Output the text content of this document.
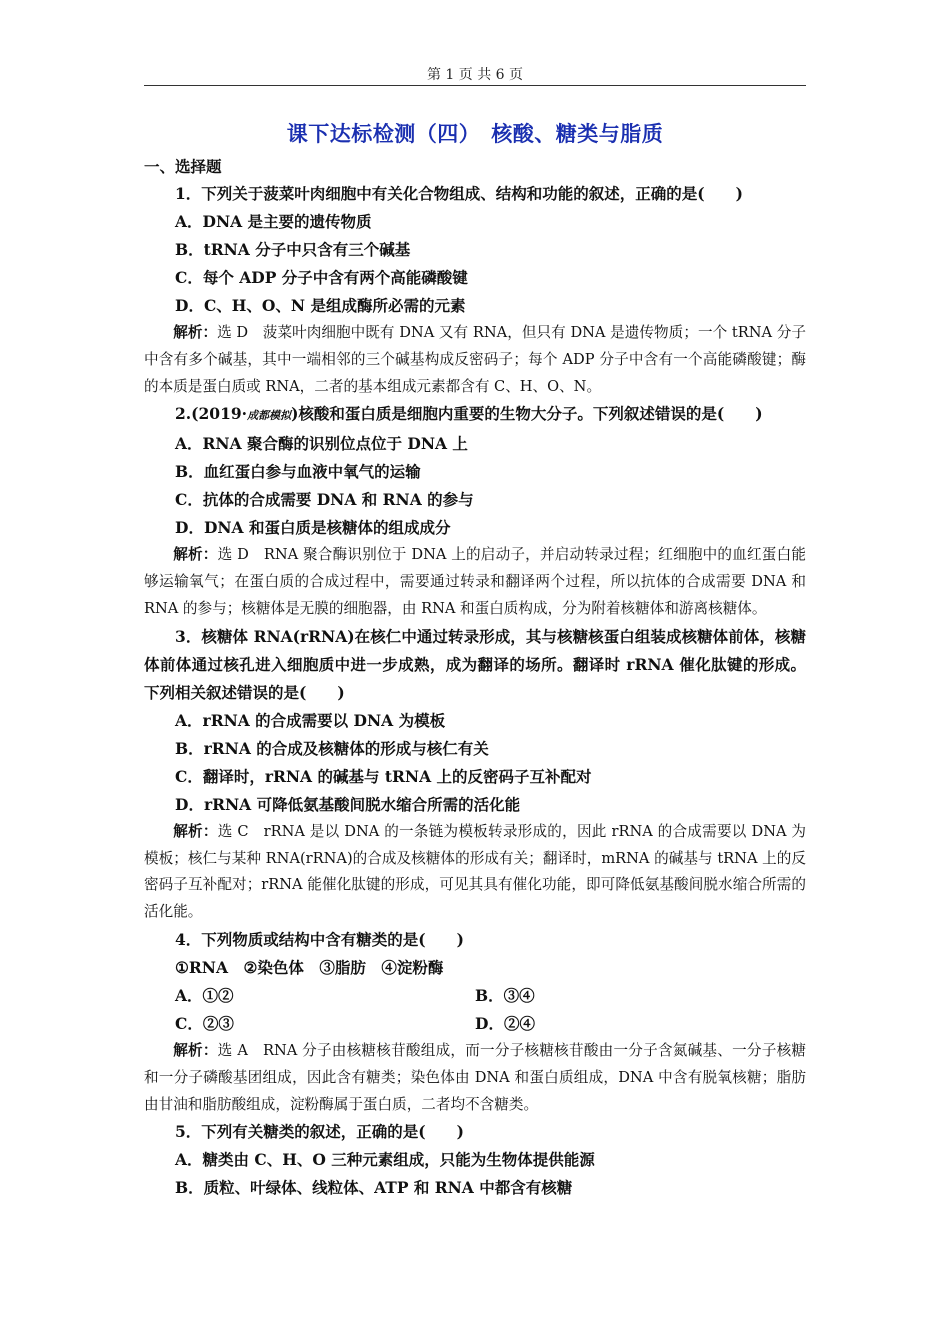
第 1 页 共 6 页
课下达标检测（四）　核酸、糖类与脂质
一、选择题

1．下列关于菠菜叶肉细胞中有关化合物组成、结构和功能的叙述，正确的是(　　)

A．DNA 是主要的遗传物质

B．tRNA 分子中只含有三个碱基

C．每个 ADP 分子中含有两个高能磷酸键

D．C、H、O、N 是组成酶所必需的元素

解析：选 D　菠菜叶肉细胞中既有 DNA 又有 RNA，但只有 DNA 是遗传物质；一个 tRNA 分子中含有多个碱基，其中一端相邻的三个碱基构成反密码子；每个 ADP 分子中含有一个高能磷酸键；酶的本质是蛋白质或 RNA，二者的基本组成元素都含有 C、H、O、N。

2.(2019·成都模拟)核酸和蛋白质是细胞内重要的生物大分子。下列叙述错误的是(　　)

A．RNA 聚合酶的识别位点位于 DNA 上

B．血红蛋白参与血液中氧气的运输

C．抗体的合成需要 DNA 和 RNA 的参与

D．DNA 和蛋白质是核糖体的组成成分

解析：选 D　RNA 聚合酶识别位于 DNA 上的启动子，并启动转录过程；红细胞中的血红蛋白能够运输氧气；在蛋白质的合成过程中，需要通过转录和翻译两个过程，所以抗体的合成需要 DNA 和 RNA 的参与；核糖体是无膜的细胞器，由 RNA 和蛋白质构成，分为附着核糖体和游离核糖体。

3．核糖体 RNA(rRNA)在核仁中通过转录形成，其与核糖核蛋白组装成核糖体前体，核糖体前体通过核孔进入细胞质中进一步成熟，成为翻译的场所。翻译时 rRNA 催化肽键的形成。下列相关叙述错误的是(　　)

A．rRNA 的合成需要以 DNA 为模板

B．rRNA 的合成及核糖体的形成与核仁有关

C．翻译时，rRNA 的碱基与 tRNA 上的反密码子互补配对

D．rRNA 可降低氨基酸间脱水缩合所需的活化能

解析：选 C　rRNA 是以 DNA 的一条链为模板转录形成的，因此 rRNA 的合成需要以 DNA 为模板；核仁与某种 RNA(rRNA)的合成及核糖体的形成有关；翻译时，mRNA 的碱基与 tRNA 上的反密码子互补配对；rRNA 能催化肽键的形成，可见其具有催化功能，即可降低氨基酸间脱水缩合所需的活化能。

4．下列物质或结构中含有糖类的是(　　)

①RNA　②染色体　③脂肪　④淀粉酶

A．①②	B．③④
C．②③	D．②④

解析：选 A　RNA 分子由核糖核苷酸组成，而一分子核糖核苷酸由一分子含氮碱基、一分子核糖和一分子磷酸基团组成，因此含有糖类；染色体由 DNA 和蛋白质组成，DNA 中含有脱氧核糖；脂肪由甘油和脂肪酸组成，淀粉酶属于蛋白质，二者均不含糖类。

5．下列有关糖类的叙述，正确的是(　　)

A．糖类由 C、H、O 三种元素组成，只能为生物体提供能源

B．质粒、叶绿体、线粒体、ATP 和 RNA 中都含有核糖
